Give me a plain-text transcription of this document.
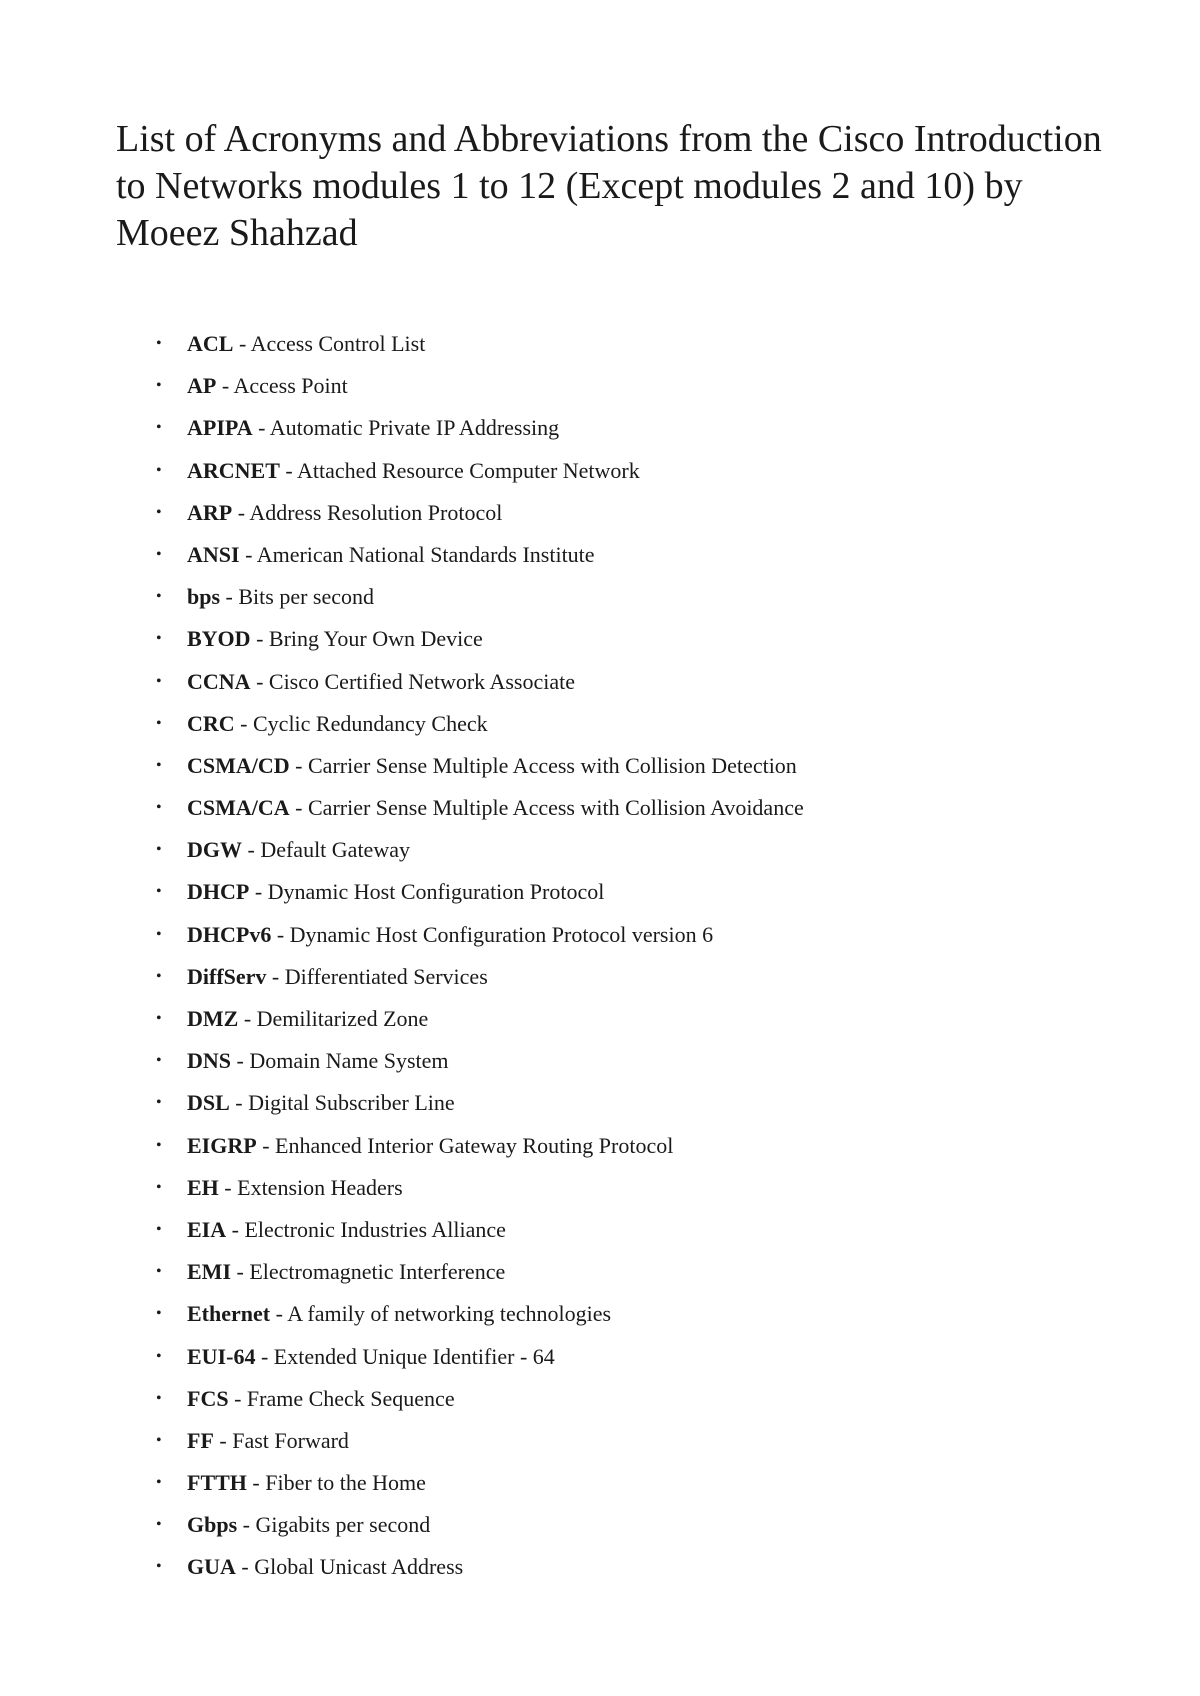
List of Acronyms and Abbreviations from the Cisco Introduction to Networks modules 1 to 12 (Except modules 2 and 10) by Moeez Shahzad
• ACL - Access Control List
• AP - Access Point
• APIPA - Automatic Private IP Addressing
• ARCNET - Attached Resource Computer Network
• ARP - Address Resolution Protocol
• ANSI - American National Standards Institute
• bps - Bits per second
• BYOD - Bring Your Own Device
• CCNA - Cisco Certified Network Associate
• CRC - Cyclic Redundancy Check
• CSMA/CD - Carrier Sense Multiple Access with Collision Detection
• CSMA/CA - Carrier Sense Multiple Access with Collision Avoidance
• DGW - Default Gateway
• DHCP - Dynamic Host Configuration Protocol
• DHCPv6 - Dynamic Host Configuration Protocol version 6
• DiffServ - Differentiated Services
• DMZ - Demilitarized Zone
• DNS - Domain Name System
• DSL - Digital Subscriber Line
• EIGRP - Enhanced Interior Gateway Routing Protocol
• EH - Extension Headers
• EIA - Electronic Industries Alliance
• EMI - Electromagnetic Interference
• Ethernet - A family of networking technologies
• EUI-64 - Extended Unique Identifier - 64
• FCS - Frame Check Sequence
• FF - Fast Forward
• FTTH - Fiber to the Home
• Gbps - Gigabits per second
• GUA - Global Unicast Address
